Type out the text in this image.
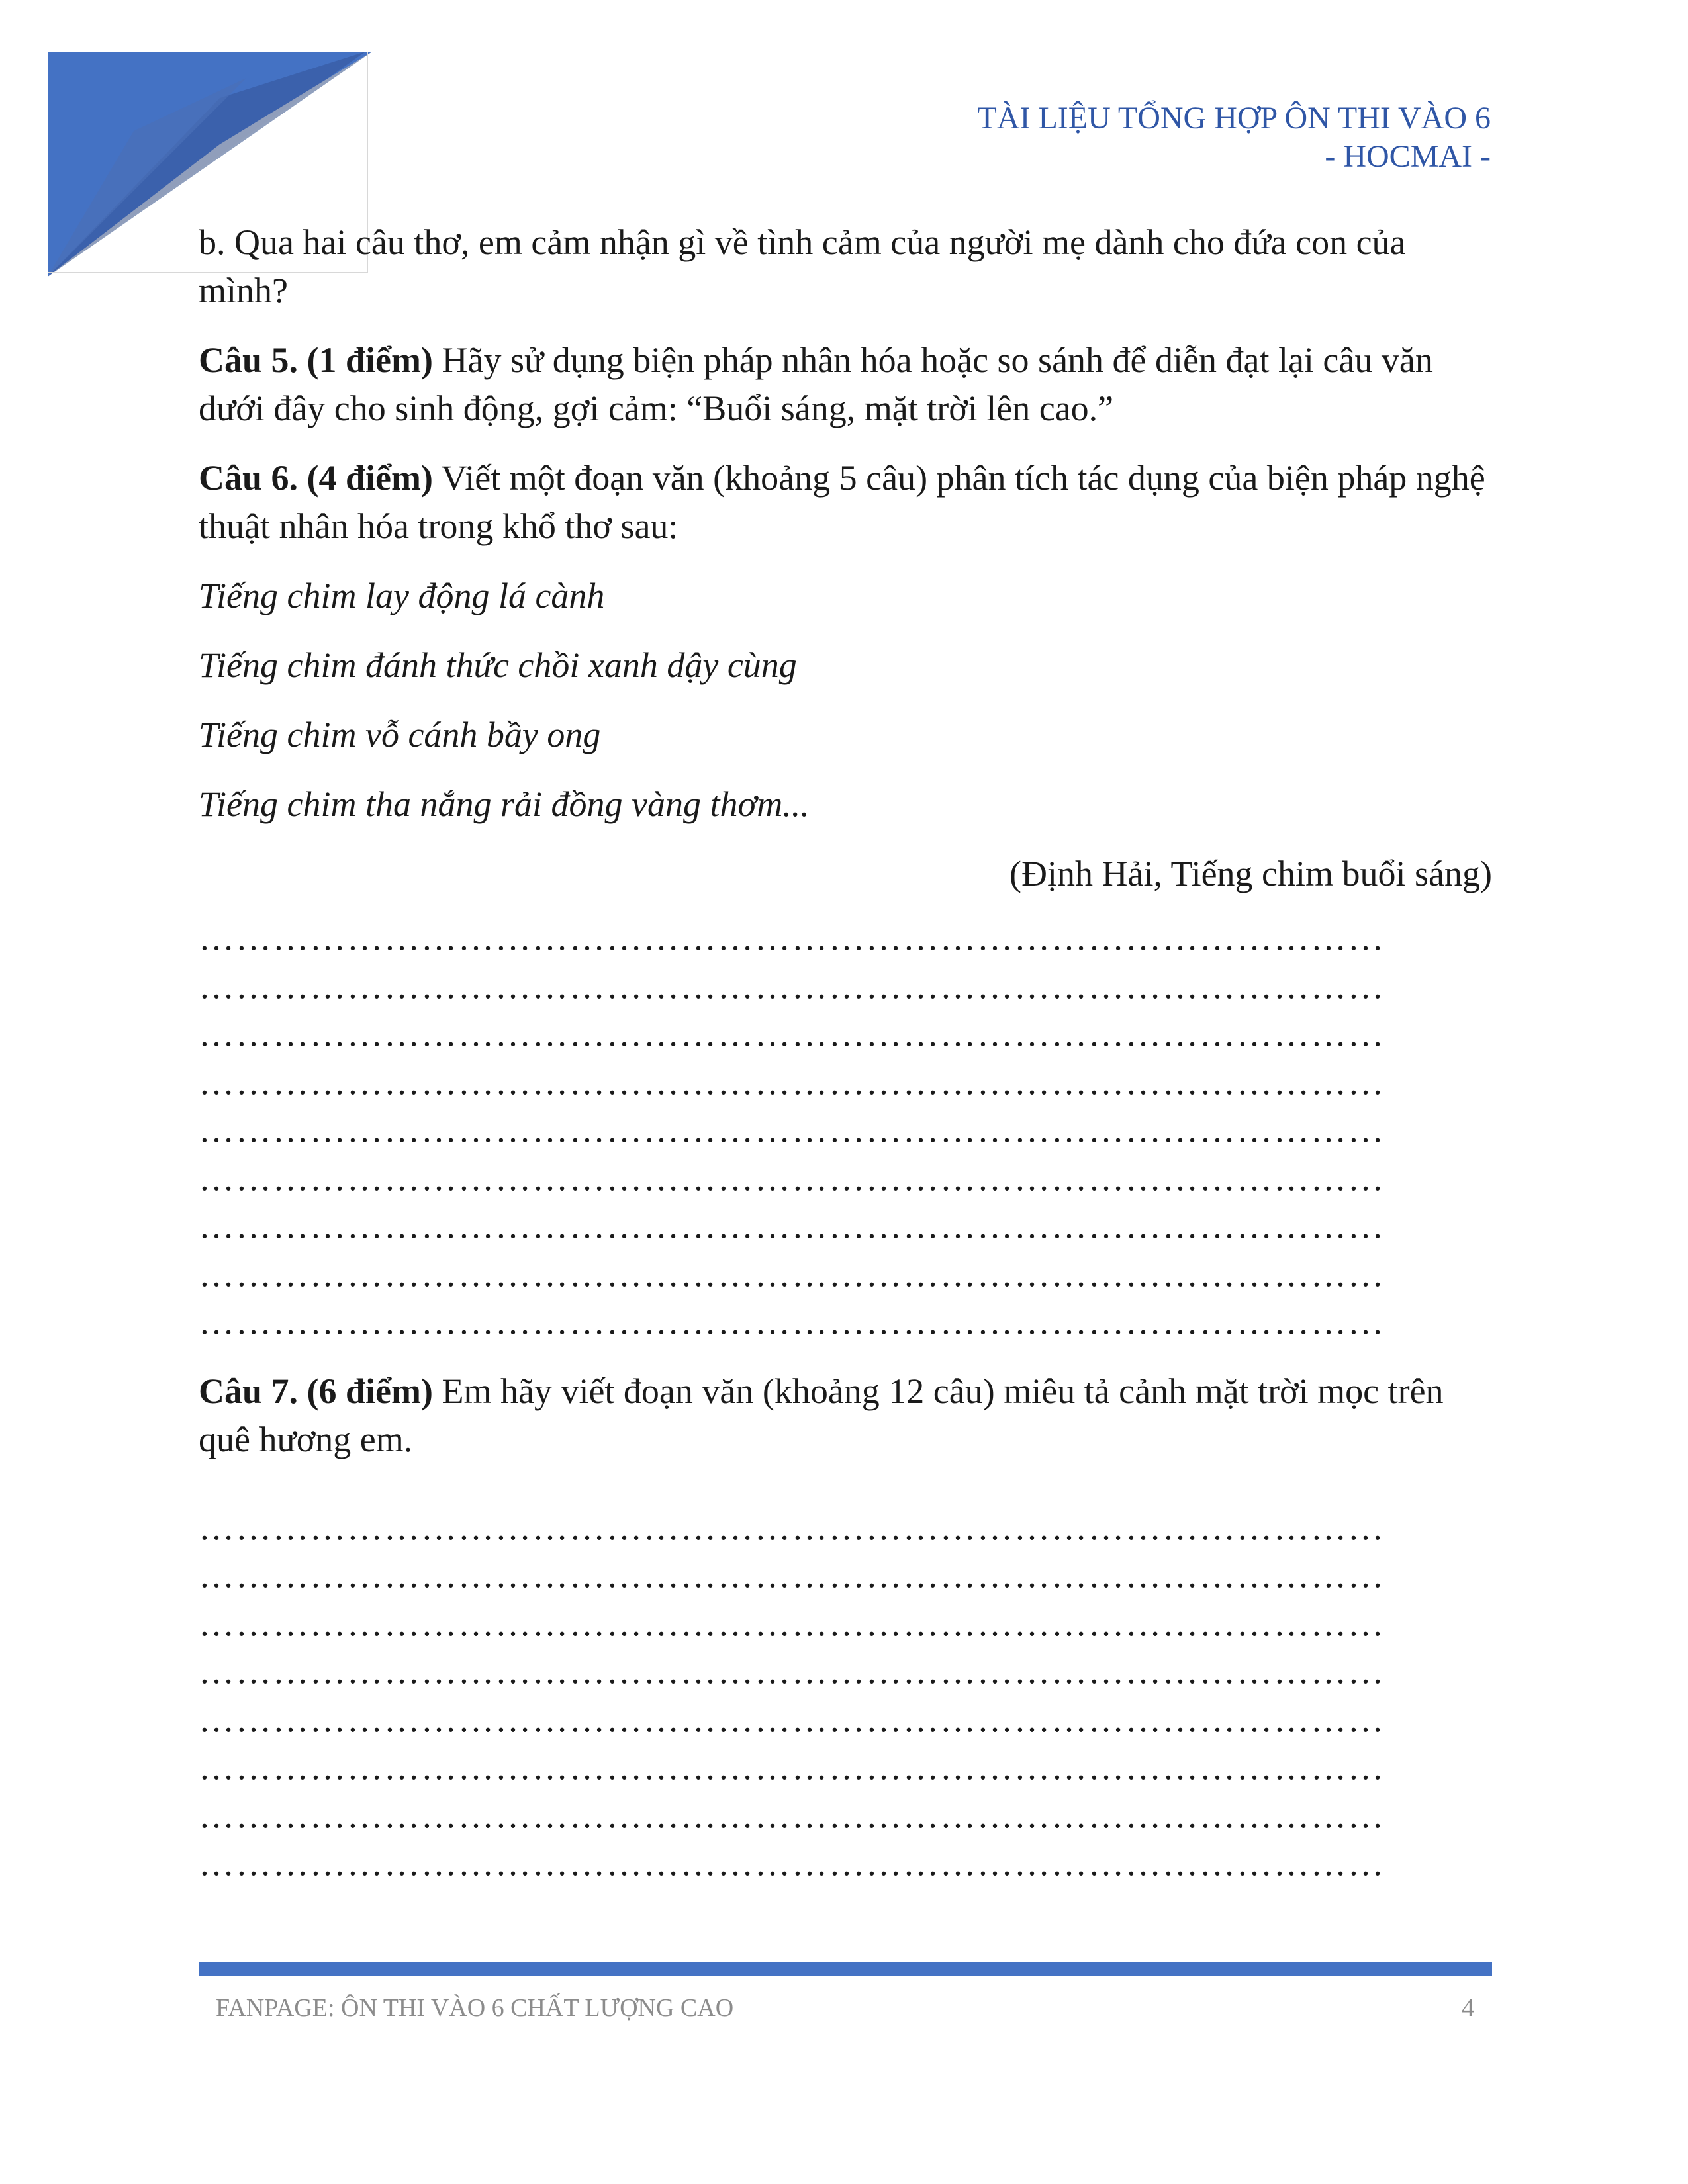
TÀI LIỆU TỔNG HỢP ÔN THI VÀO 6
- HOCMAI -

b. Qua hai câu thơ, em cảm nhận gì về tình cảm của người mẹ dành cho đứa con của mình?

Câu 5. (1 điểm) Hãy sử dụng biện pháp nhân hóa hoặc so sánh để diễn đạt lại câu văn dưới đây cho sinh động, gợi cảm: “Buổi sáng, mặt trời lên cao.”

Câu 6. (4 điểm) Viết một đoạn văn (khoảng 5 câu) phân tích tác dụng của biện pháp nghệ thuật nhân hóa trong khổ thơ sau:

Tiếng chim lay động lá cành

Tiếng chim đánh thức chồi xanh dậy cùng

Tiếng chim vỗ cánh bầy ong

Tiếng chim tha nắng rải đồng vàng thơm...

(Định Hải, Tiếng chim buổi sáng)

……………………………………………………………………………………
……………………………………………………………………………………
……………………………………………………………………………………
……………………………………………………………………………………
……………………………………………………………………………………
……………………………………………………………………………………
……………………………………………………………………………………
……………………………………………………………………………………
……………………………………………………………………………………

Câu 7. (6 điểm) Em hãy viết đoạn văn (khoảng 12 câu) miêu tả cảnh mặt trời mọc trên quê hương em.

……………………………………………………………………………………
……………………………………………………………………………………
……………………………………………………………………………………
……………………………………………………………………………………
……………………………………………………………………………………
……………………………………………………………………………………
……………………………………………………………………………………
……………………………………………………………………………………
FANPAGE: ÔN THI VÀO 6 CHẤT LƯỢNG CAO	4
